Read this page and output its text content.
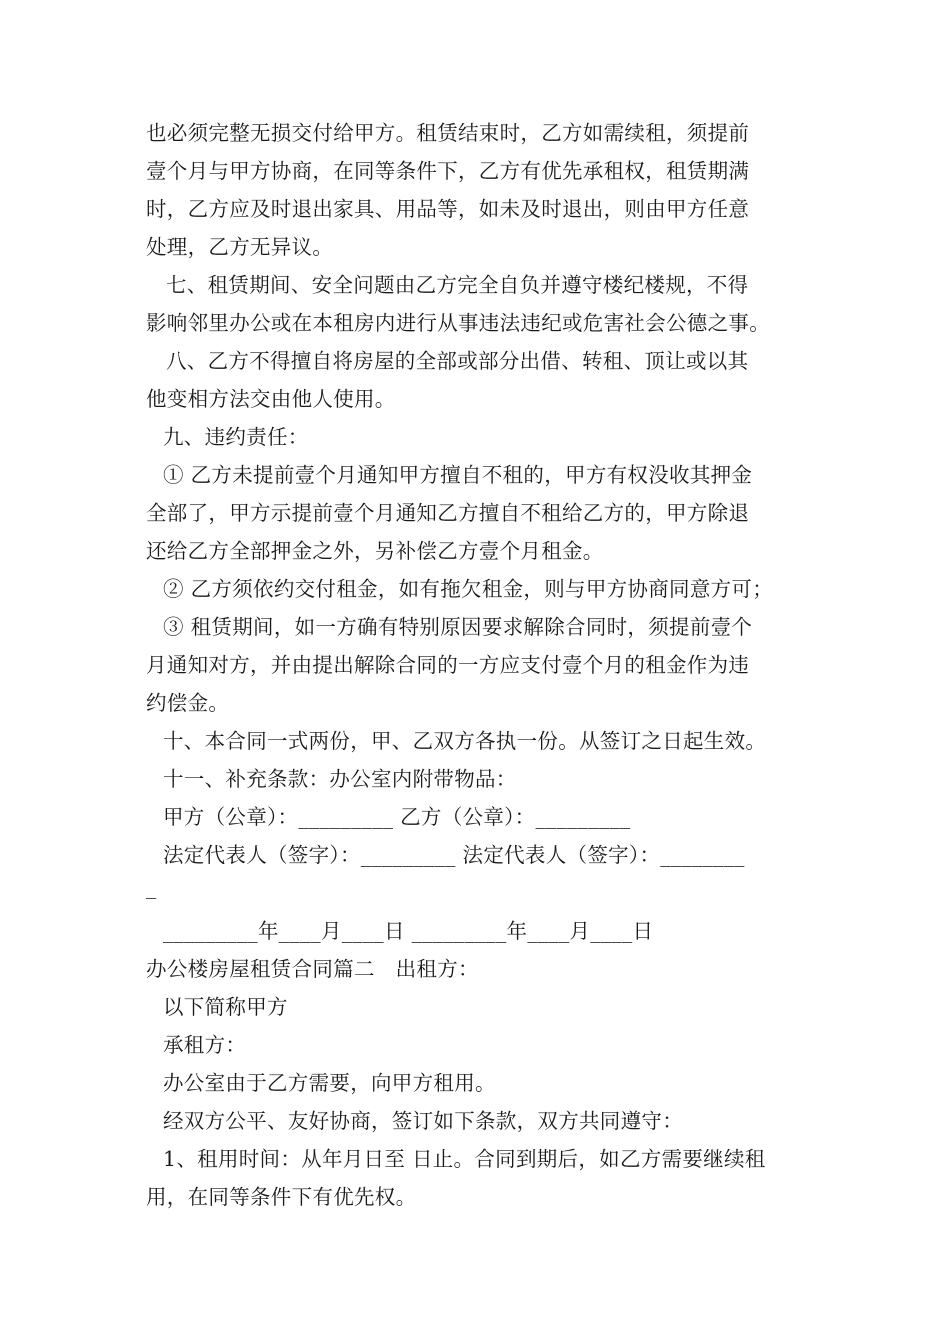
也必须完整无损交付给甲方。租赁结束时，乙方如需续租，须提前
壹个月与甲方协商，在同等条件下，乙方有优先承租权，租赁期满
时，乙方应及时退出家具、用品等，如未及时退出，则由甲方任意
处理，乙方无异议。
七、租赁期间、安全问题由乙方完全自负并遵守楼纪楼规，不得
影响邻里办公或在本租房内进行从事违法违纪或危害社会公德之事。
八、乙方不得擅自将房屋的全部或部分出借、转租、顶让或以其
他变相方法交由他人使用。
九、违约责任：
① 乙方未提前壹个月通知甲方擅自不租的，甲方有权没收其押金
全部了，甲方示提前壹个月通知乙方擅自不租给乙方的，甲方除退
还给乙方全部押金之外，另补偿乙方壹个月租金。
② 乙方须依约交付租金，如有拖欠租金，则与甲方协商同意方可；
③ 租赁期间，如一方确有特别原因要求解除合同时，须提前壹个
月通知对方，并由提出解除合同的一方应支付壹个月的租金作为违
约偿金。
十、本合同一式两份，甲、乙双方各执一份。从签订之日起生效。
十一、补充条款：办公室内附带物品：
甲方（公章）：_________ 乙方（公章）：_________
法定代表人（签字）：_________ 法定代表人（签字）：________
_
_________年____月____日 _________年____月____日
办公楼房屋租赁合同篇二　出租方：
以下简称甲方
承租方：
办公室由于乙方需要，向甲方租用。
经双方公平、友好协商，签订如下条款，双方共同遵守：
1、租用时间：从年月日至 日止。合同到期后，如乙方需要继续租
用，在同等条件下有优先权。
